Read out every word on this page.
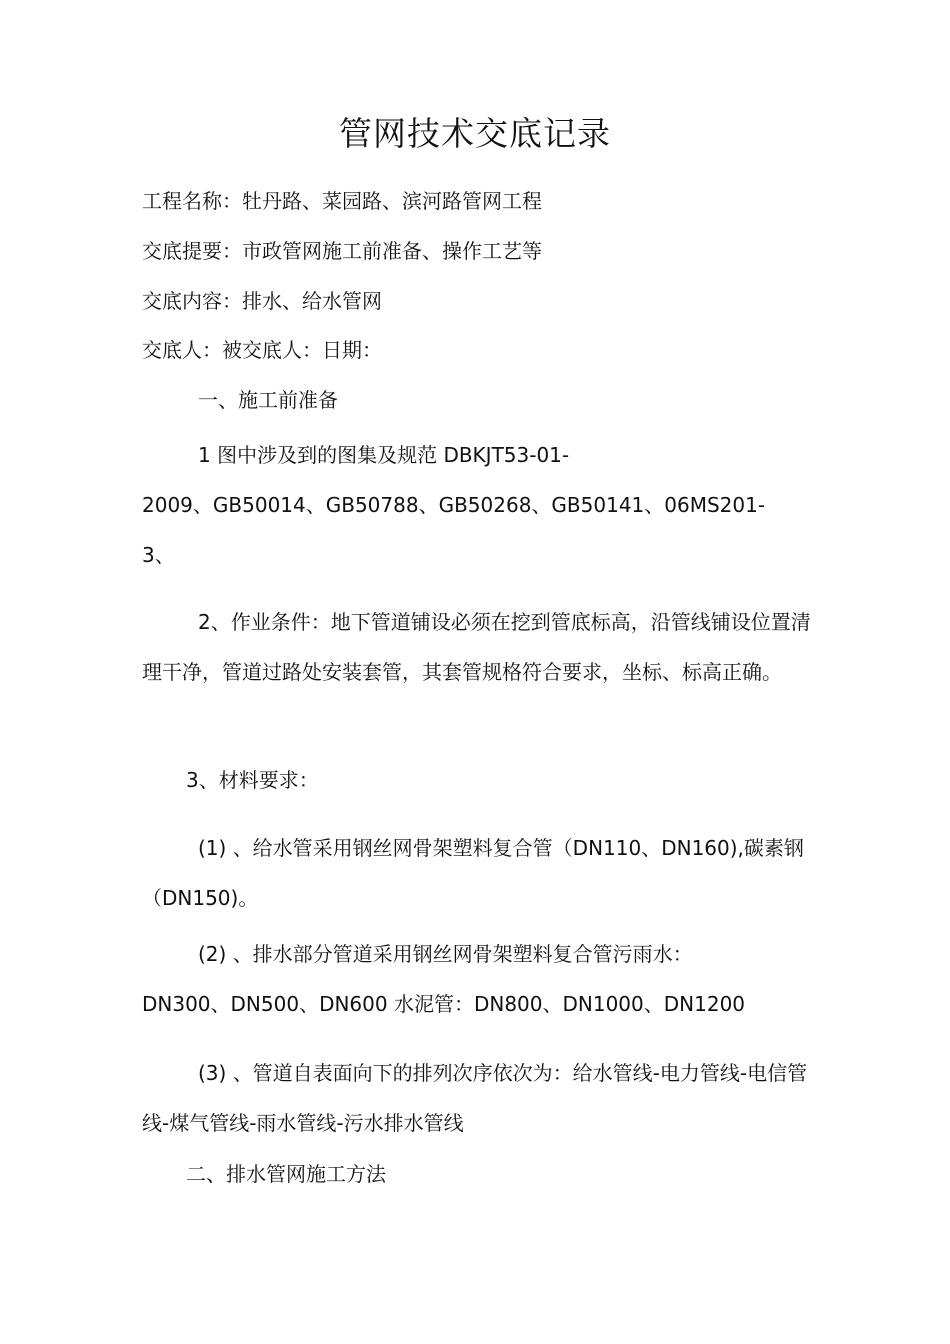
管网技术交底记录
工程名称：牡丹路、菜园路、滨河路管网工程
交底提要：市政管网施工前准备、操作工艺等
交底内容：排水、给水管网
交底人：被交底人：日期：
一、施工前准备
1 图中涉及到的图集及规范 DBKJT53-01-
2009、GB50014、GB50788、GB50268、GB50141、06MS201-
3、
2、作业条件：地下管道铺设必须在挖到管底标高，沿管线铺设位置清理干净，管道过路处安装套管，其套管规格符合要求，坐标、标高正确。
3、材料要求：
(1) 、给水管采用钢丝网骨架塑料复合管（DN110、DN160),碳素钢（DN150)。
(2) 、排水部分管道采用钢丝网骨架塑料复合管污雨水：
DN300、DN500、DN600 水泥管：DN800、DN1000、DN1200
(3) 、管道自表面向下的排列次序依次为：给水管线-电力管线-电信管线-煤气管线-雨水管线-污水排水管线
二、排水管网施工方法
